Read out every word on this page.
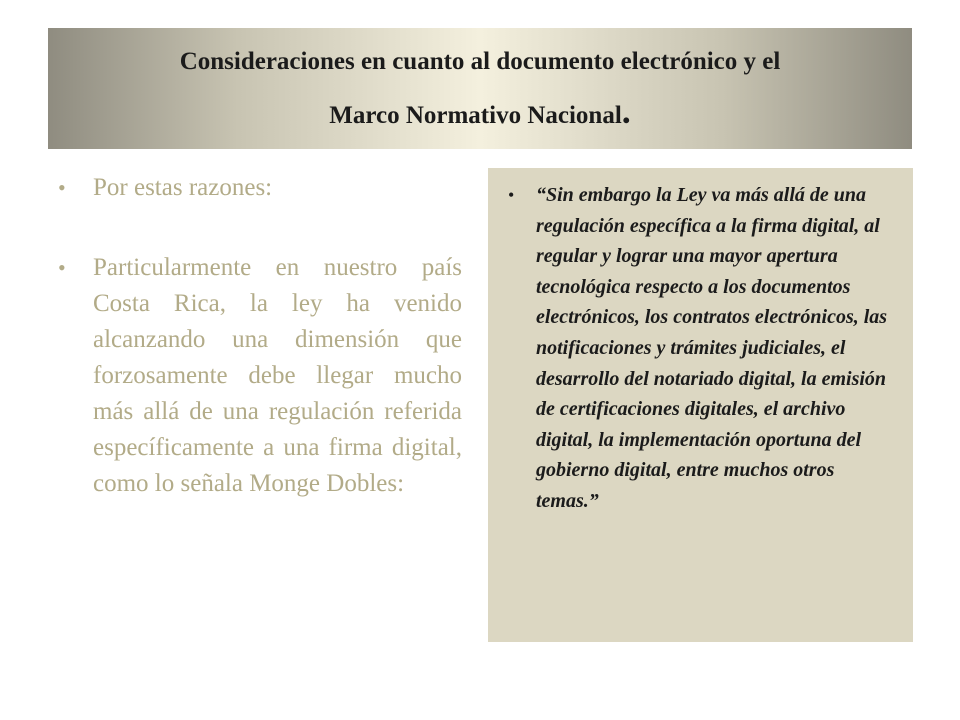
Consideraciones en cuanto al documento electrónico y el
Marco Normativo Nacional.
•	Por estas razones:
•	Particularmente en nuestro país Costa Rica, la ley ha venido alcanzando una dimensión que forzosamente debe llegar mucho más allá de una regulación referida específicamente a una firma digital, como lo señala Monge Dobles:
•	“Sin embargo la Ley va más allá de una regulación específica a la firma digital, al regular y lograr una mayor apertura tecnológica respecto a los documentos electrónicos, los contratos electrónicos, las notificaciones y trámites judiciales, el desarrollo del notariado digital, la emisión de certificaciones digitales, el archivo digital, la implementación oportuna del gobierno digital, entre muchos otros temas.”
